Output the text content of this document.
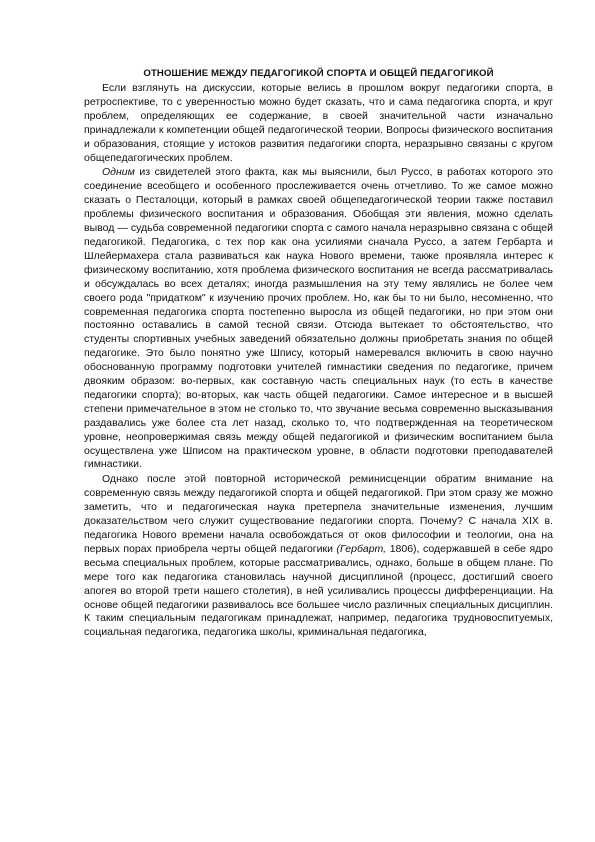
ОТНОШЕНИЕ МЕЖДУ ПЕДАГОГИКОЙ СПОРТА И ОБЩЕЙ ПЕДАГОГИКОЙ

Если взглянуть на дискуссии, которые велись в прошлом вокруг педагогики спорта, в ретроспективе, то с уверенностью можно будет сказать, что и сама педагогика спорта, и круг проблем, определяющих ее содержание, в своей значительной части изначально принадлежали к компетенции общей педагогической теории. Вопросы физического воспитания и образования, стоящие у истоков развития педагогики спорта, неразрывно связаны с кругом общепедагогических проблем.

Одним из свидетелей этого факта, как мы выяснили, был Руссо, в работах которого это соединение всеобщего и особенного прослеживается очень отчетливо. То же самое можно сказать о Песталоцци, который в рамках своей общепедагогической теории также поставил проблемы физического воспитания и образования. Обобщая эти явления, можно сделать вывод — судьба современной педагогики спорта с самого начала неразрывно связана с общей педагогикой. Педагогика, с тех пор как она усилиями сначала Руссо, а затем Гербарта и Шлейермахера стала развиваться как наука Нового времени, также проявляла интерес к физическому воспитанию, хотя проблема физического воспитания не всегда рассматривалась и обсуждалась во всех деталях; иногда размышления на эту тему являлись не более чем своего рода "придатком" к изучению прочих проблем. Но, как бы то ни было, несомненно, что современная педагогика спорта постепенно выросла из общей педагогики, но при этом они постоянно оставались в самой тесной связи. Отсюда вытекает то обстоятельство, что студенты спортивных учебных заведений обязательно должны приобретать знания по общей педагогике. Это было понятно уже Шпису, который намеревался включить в свою научно обоснованную программу подготовки учителей гимнастики сведения по педагогике, причем двояким образом: во-первых, как составную часть специальных наук (то есть в качестве педагогики спорта); во-вторых, как часть общей педагогики. Самое интересное и в высшей степени примечательное в этом не столько то, что звучание весьма современно высказывания раздавались уже более ста лет назад, сколько то, что подтвержденная на теоретическом уровне, неопровержимая связь между общей педагогикой и физическим воспитанием была осуществлена уже Шписом на практическом уровне, в области подготовки преподавателей гимнастики.

Однако после этой повторной исторической реминисценции обратим внимание на современную связь между педагогикой спорта и общей педагогикой. При этом сразу же можно заметить, что и педагогическая наука претерпела значительные изменения, лучшим доказательством чего служит существование педагогики спорта. Почему? С начала XIX в. педагогика Нового времени начала освобождаться от оков философии и теологии, она на первых порах приобрела черты общей педагогики (Гербарт, 1806), содержавшей в себе ядро весьма специальных проблем, которые рассматривались, однако, больше в общем плане. По мере того как педагогика становилась научной дисциплиной (процесс, достигший своего апогея во второй трети нашего столетия), в ней усиливались процессы дифференциации. На основе общей педагогики развивалось все большее число различных специальных дисциплин. К таким специальным педагогикам принадлежат, например, педагогика трудновоспитуемых, социальная педагогика, педагогика школы, криминальная педагогика,
